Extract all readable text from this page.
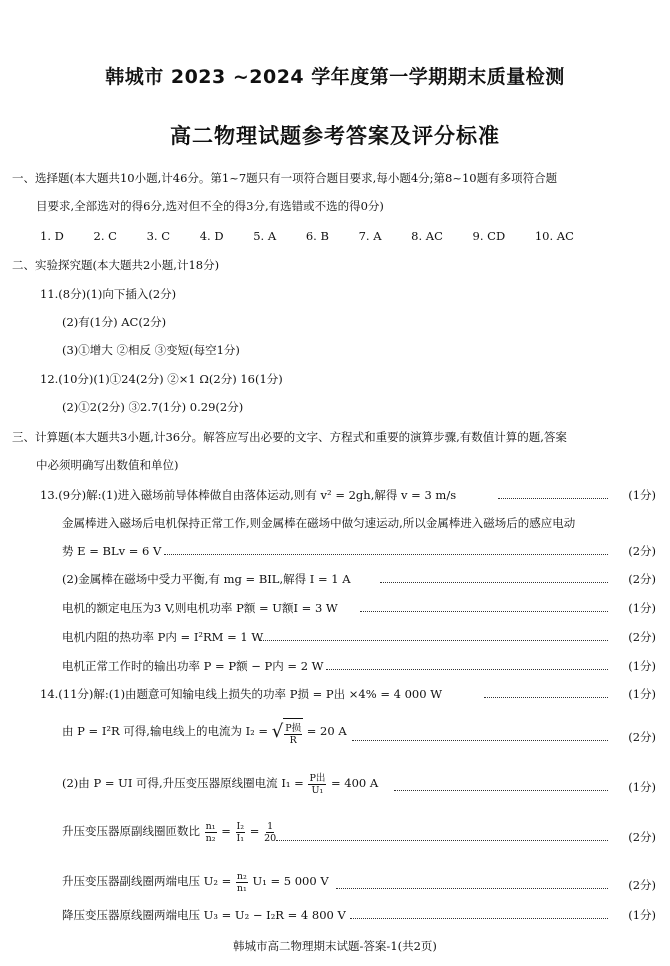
韩城市 2023 ~2024 学年度第一学期期末质量检测
高二物理试题参考答案及评分标准
一、选择题(本大题共10小题,计46分。第1~7题只有一项符合题目要求,每小题4分;第8~10题有多项符合题
目要求,全部选对的得6分,选对但不全的得3分,有选错或不选的得0分)
1. D	2. C	3. C	4. D	5. A	6. B	7. A	8. AC	9. CD	10. AC
二、实验探究题(本大题共2小题,计18分)
11.(8分)(1)向下插入(2分)
(2)有(1分) AC(2分)
(3)①增大 ②相反 ③变短(每空1分)
12.(10分)(1)①24(2分) ②×1 Ω(2分) 16(1分)
(2)①2(2分) ③2.7(1分) 0.29(2分)
三、计算题(本大题共3小题,计36分。解答应写出必要的文字、方程式和重要的演算步骤,有数值计算的题,答案
中必须明确写出数值和单位)
13.(9分)解:(1)进入磁场前导体棒做自由落体运动,则有 v² = 2gh,解得 v = 3 m/s	(1分)
金属棒进入磁场后电机保持正常工作,则金属棒在磁场中做匀速运动,所以金属棒进入磁场后的感应电动
势 E = BLv = 6 V	(2分)
(2)金属棒在磁场中受力平衡,有 mg = BIL,解得 I = 1 A	(2分)
电机的额定电压为3 V,则电机功率 P额 = U额I = 3 W	(1分)
电机内阻的热功率 P内 = I²RM = 1 W	(2分)
电机正常工作时的输出功率 P = P额 − P内 = 2 W	(1分)
14.(11分)解:(1)由题意可知输电线上损失的功率 P损 = P出 ×4% = 4 000 W	(1分)
由 P = I²R 可得,输电线上的电流为 I₂ = √ $\frac{\text{P损}}{R} = 20$ A	(2分)
(2)由 P = UI 可得,升压变压器原线圈电流 $I_1 = \frac{\text{P出}}{\text{U₁}} = 400$ A	(1分)
升压变压器原副线圈匝数比 $\frac{\text{n₁}}{\text{n₂}} = \frac{\text{I₂}}{\text{I₁}} = \frac{1}{20}$	(2分)
升压变压器副线圈两端电压 $U_2 = \frac{\text{n₂}}{\text{n₁}} U_1 = 5$ 000 V	(2分)
降压变压器原线圈两端电压 U₃ = U₂ − I₂R = 4 800 V	(1分)
韩城市高二物理期末试题-答案-1(共2页)
